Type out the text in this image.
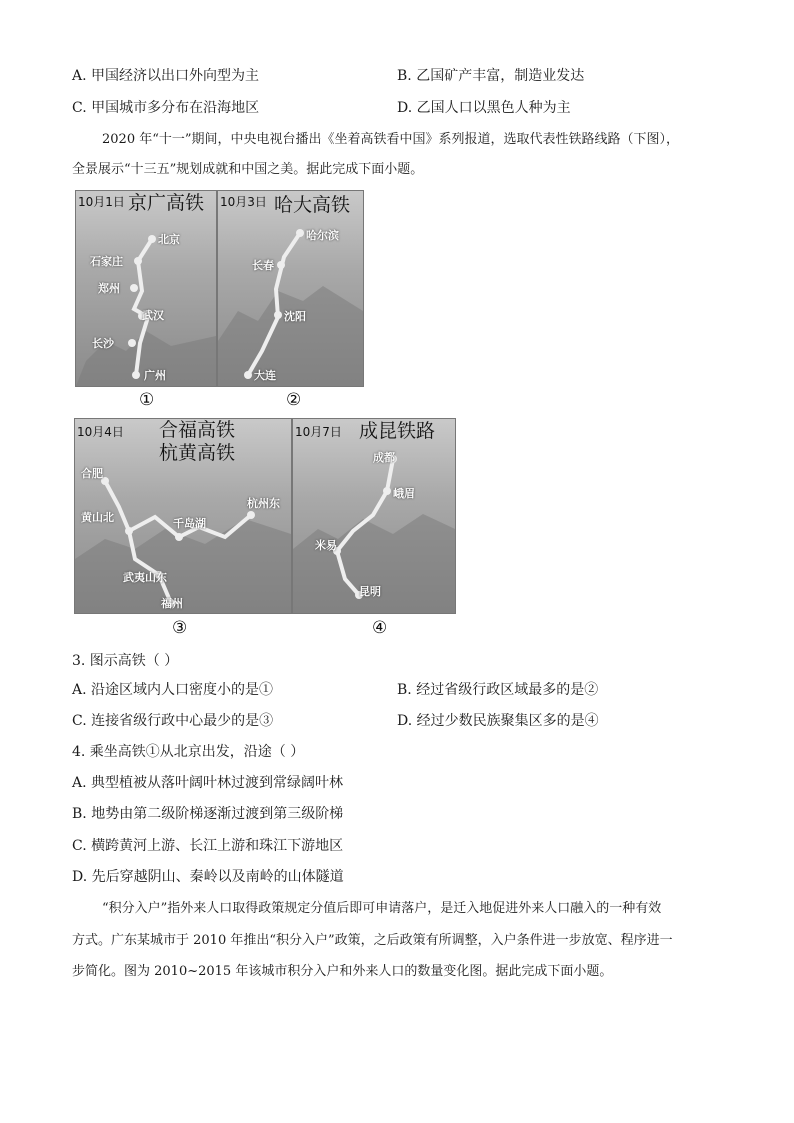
A. 甲国经济以出口外向型为主	B. 乙国矿产丰富，制造业发达
C. 甲国城市多分布在沿海地区	D. 乙国人口以黑色人种为主
2020 年“十一”期间，中央电视台播出《坐着高铁看中国》系列报道，选取代表性铁路线路（下图），
全景展示“十三五”规划成就和中国之美。据此完成下面小题。
10月1日 京广高铁
北京
石家庄
郑州
武汉
长沙
广州
10月3日 哈大高铁
哈尔滨
长春
沈阳
大连
①	②
10月4日 合福高铁
杭黄高铁
合肥
黄山北	千岛湖
杭州东
武夷山东
福州
10月7日 成昆铁路
成都
峨眉
米易
昆明
③	④
3. 图示高铁（ ）
A. 沿途区域内人口密度小的是①	B. 经过省级行政区域最多的是②
C. 连接省级行政中心最少的是③	D. 经过少数民族聚集区多的是④
4. 乘坐高铁①从北京出发，沿途（ ）
A. 典型植被从落叶阔叶林过渡到常绿阔叶林
B. 地势由第二级阶梯逐渐过渡到第三级阶梯
C. 横跨黄河上游、长江上游和珠江下游地区
D. 先后穿越阴山、秦岭以及南岭的山体隧道
“积分入户”指外来人口取得政策规定分值后即可申请落户，是迁入地促进外来人口融入的一种有效
方式。广东某城市于 2010 年推出“积分入户”政策，之后政策有所调整，入户条件进一步放宽、程序进一
步简化。图为 2010~2015 年该城市积分入户和外来人口的数量变化图。据此完成下面小题。
